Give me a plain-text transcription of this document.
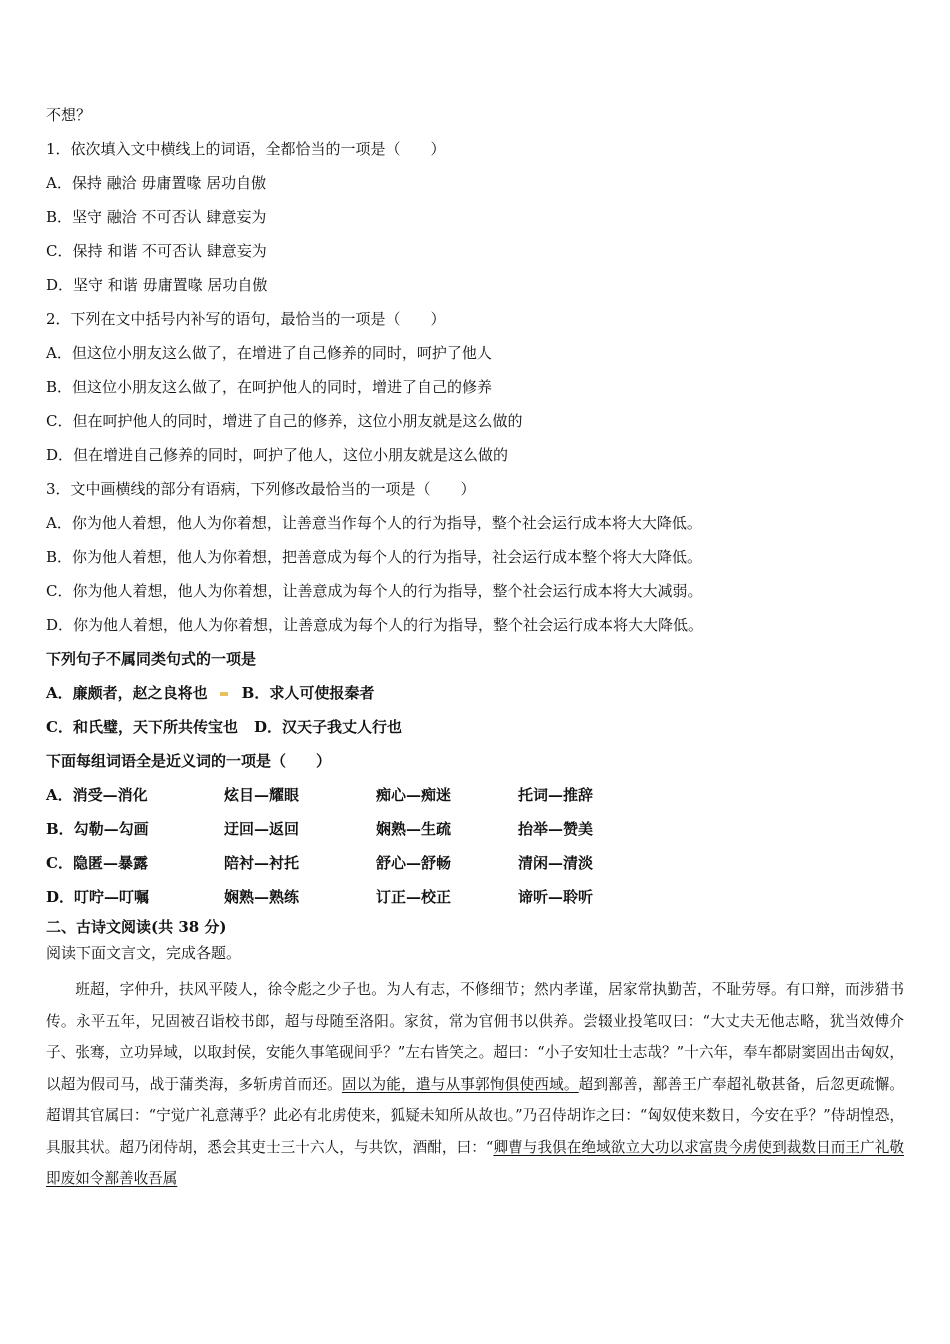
不想？
1．依次填入文中横线上的词语，全都恰当的一项是（　　）
A．保持 融洽 毋庸置喙 居功自傲
B．坚守 融洽 不可否认 肆意妄为
C．保持 和谐 不可否认 肆意妄为
D．坚守 和谐 毋庸置喙 居功自傲
2．下列在文中括号内补写的语句，最恰当的一项是（　　）
A．但这位小朋友这么做了，在增进了自己修养的同时，呵护了他人
B．但这位小朋友这么做了，在呵护他人的同时，增进了自己的修养
C．但在呵护他人的同时，增进了自己的修养，这位小朋友就是这么做的
D．但在增进自己修养的同时，呵护了他人，这位小朋友就是这么做的
3．文中画横线的部分有语病，下列修改最恰当的一项是（　　）
A．你为他人着想，他人为你着想，让善意当作每个人的行为指导，整个社会运行成本将大大降低。
B．你为他人着想，他人为你着想，把善意成为每个人的行为指导，社会运行成本整个将大大降低。
C．你为他人着想，他人为你着想，让善意成为每个人的行为指导，整个社会运行成本将大大减弱。
D．你为他人着想，他人为你着想，让善意成为每个人的行为指导，整个社会运行成本将大大降低。
下列句子不属同类句式的一项是
A．廉颇者，赵之良将也 B．求人可使报秦者
C．和氏璧，天下所共传宝也 D．汉天子我丈人行也
下面每组词语全是近义词的一项是（　　）
A．消受—消化	炫目—耀眼	痴心—痴迷	托词—推辞
B．勾勒—勾画	迂回—返回	娴熟—生疏	抬举—赞美
C．隐匿—暴露	陪衬—衬托	舒心—舒畅	清闲—清淡
D．叮咛—叮嘱	娴熟—熟练	订正—校正	谛听—聆听
二、古诗文阅读(共 38 分)
阅读下面文言文，完成各题。
班超，字仲升，扶风平陵人，徐令彪之少子也。为人有志，不修细节；然内孝谨，居家常执勤苦，不耻劳辱。有口辩，而涉猎书传。永平五年，兄固被召诣校书郎，超与母随至洛阳。家贫，常为官佣书以供养。尝辍业投笔叹曰：“大丈夫无他志略，犹当效傅介子、张骞，立功异域，以取封侯，安能久事笔砚间乎？”左右皆笑之。超曰：“小子安知壮士志哉？”十六年，奉车都尉窦固出击匈奴，以超为假司马，战于蒲类海，多斩虏首而还。固以为能，遣与从事郭恂俱使西域。超到鄯善，鄯善王广奉超礼敬甚备，后忽更疏懈。超谓其官属曰：“宁觉广礼意薄乎？此必有北虏使来，狐疑未知所从故也。”乃召侍胡诈之曰：“匈奴使来数日，今安在乎？”侍胡惶恐，具服其状。超乃闭侍胡，悉会其吏士三十六人，与共饮，酒酣，曰：“卿曹与我俱在绝域欲立大功以求富贵今虏使到裁数日而王广礼敬即废如令鄯善收吾属
